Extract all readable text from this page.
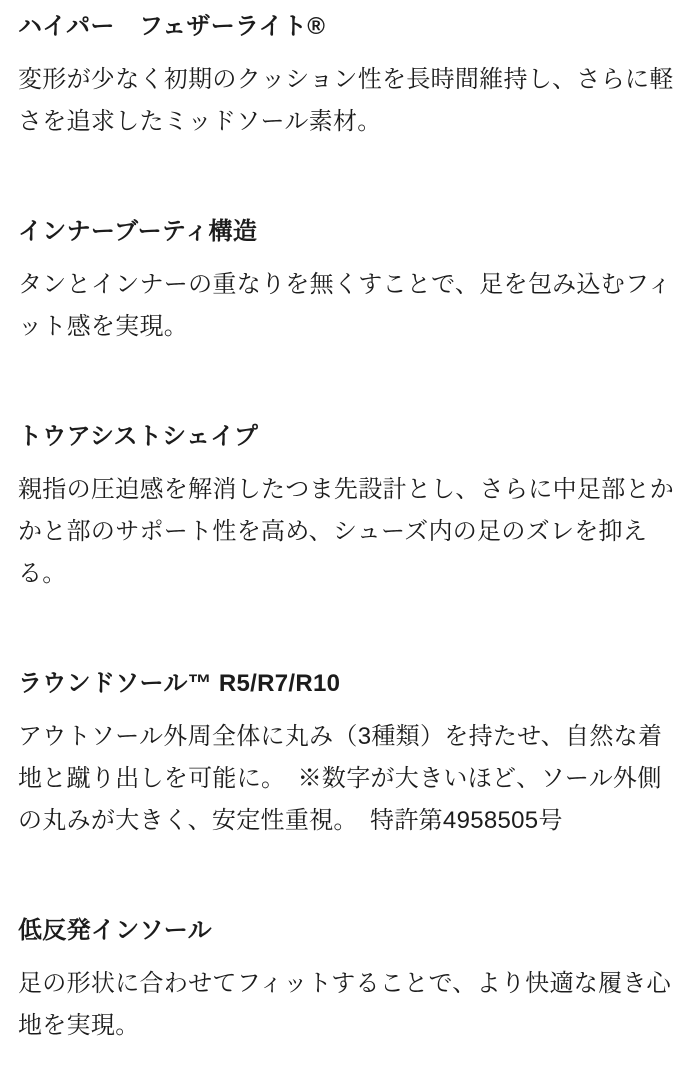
ハイパー　フェザーライト®
変形が少なく初期のクッション性を長時間維持し、さらに軽
さを追求したミッドソール素材。
インナーブーティ構造
タンとインナーの重なりを無くすことで、足を包み込むフィ
ット感を実現。
トウアシストシェイプ
親指の圧迫感を解消したつま先設計とし、さらに中足部とか
かと部のサポート性を高め、シューズ内の足のズレを抑え
る。
ラウンドソール™ R5/R7/R10
アウトソール外周全体に丸み（3種類）を持たせ、自然な着
地と蹴り出しを可能に。　※数字が大きいほど、ソール外側
の丸みが大きく、安定性重視。　特許第4958505号
低反発インソール
足の形状に合わせてフィットすることで、より快適な履き心
地を実現。
